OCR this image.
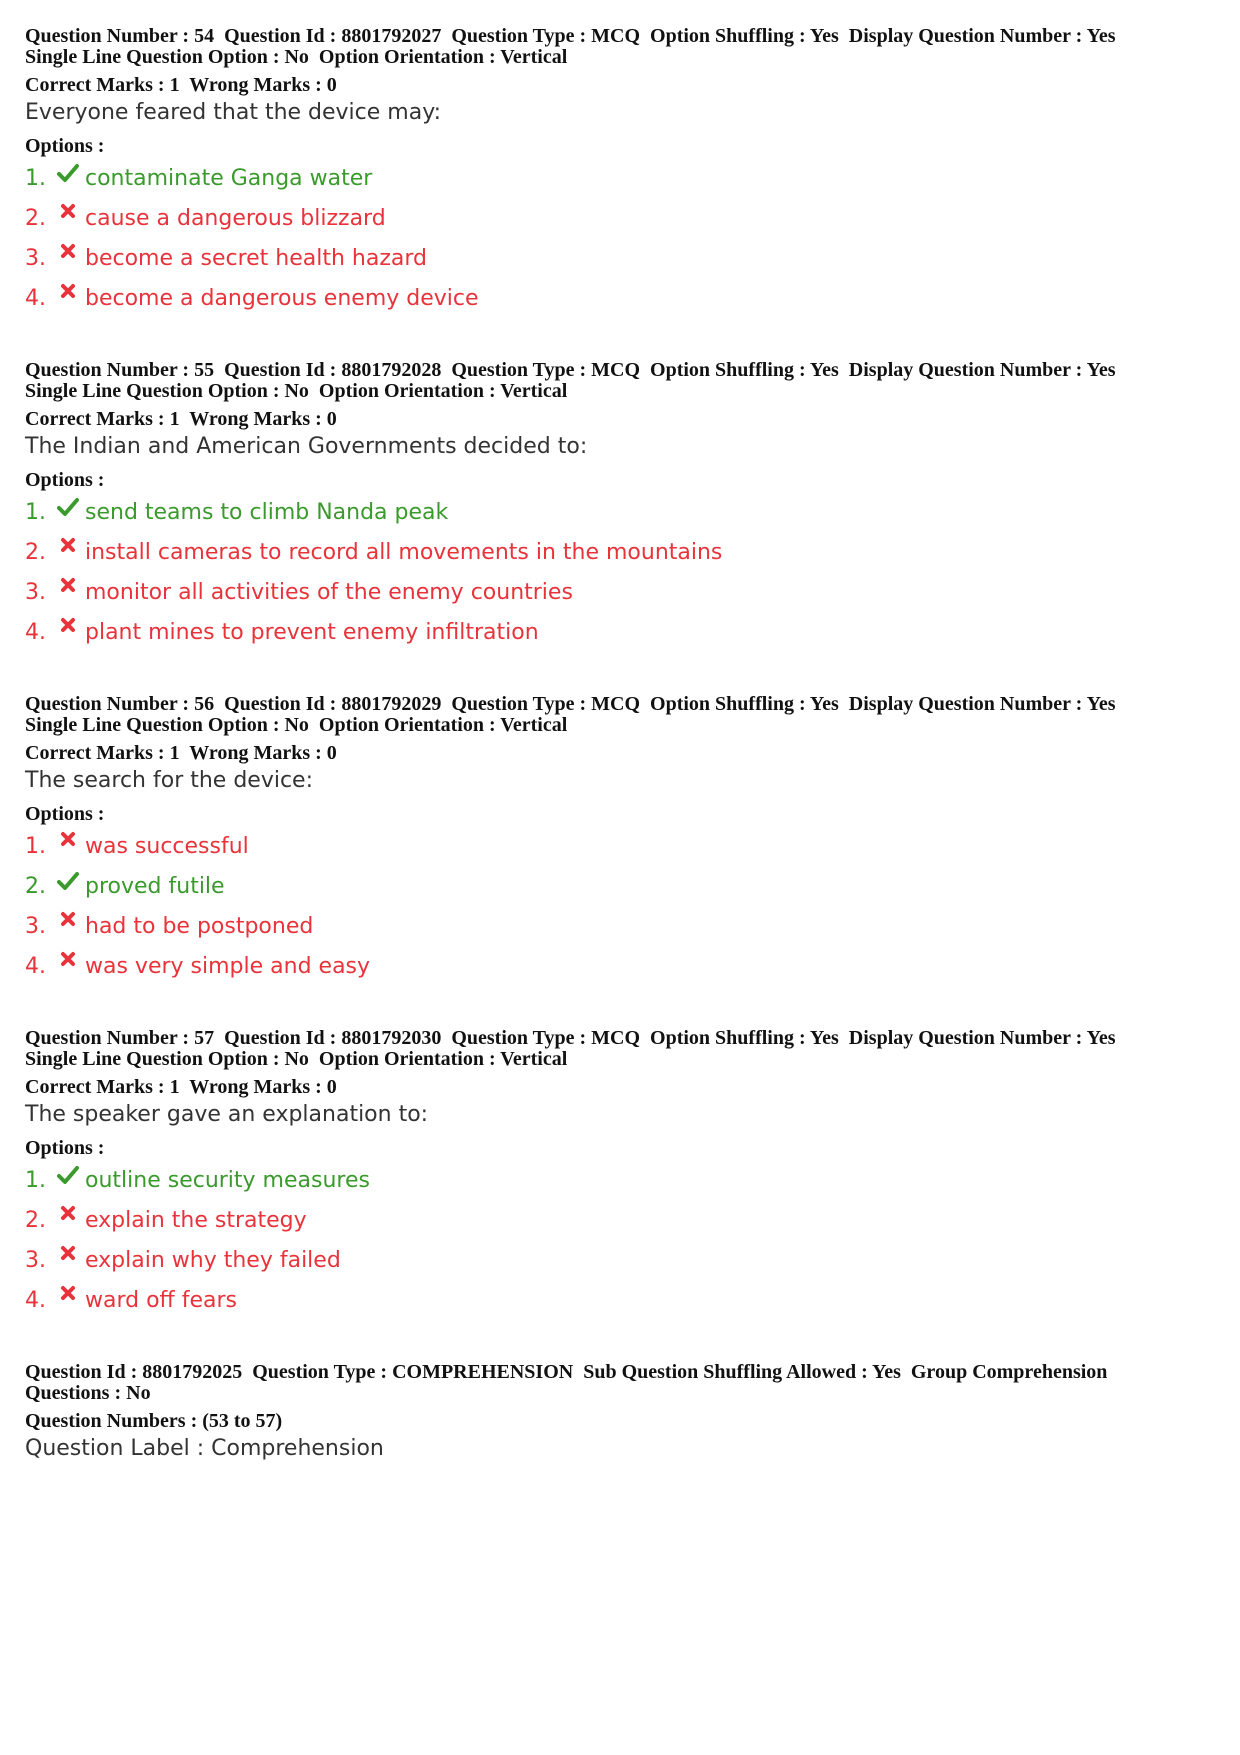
Question Number : 54  Question Id : 8801792027  Question Type : MCQ  Option Shuffling : Yes  Display Question Number : Yes
Single Line Question Option : No  Option Orientation : Vertical
Correct Marks : 1  Wrong Marks : 0
Everyone feared that the device may:
Options :
1.	contaminate Ganga water
2.	cause a dangerous blizzard
3.	become a secret health hazard
4.	become a dangerous enemy device
Question Number : 55  Question Id : 8801792028  Question Type : MCQ  Option Shuffling : Yes  Display Question Number : Yes
Single Line Question Option : No  Option Orientation : Vertical
Correct Marks : 1  Wrong Marks : 0
The Indian and American Governments decided to:
Options :
1.	send teams to climb Nanda peak
2.	install cameras to record all movements in the mountains
3.	monitor all activities of the enemy countries
4.	plant mines to prevent enemy infiltration
Question Number : 56  Question Id : 8801792029  Question Type : MCQ  Option Shuffling : Yes  Display Question Number : Yes
Single Line Question Option : No  Option Orientation : Vertical
Correct Marks : 1  Wrong Marks : 0
The search for the device:
Options :
1.	was successful
2.	proved futile
3.	had to be postponed
4.	was very simple and easy
Question Number : 57  Question Id : 8801792030  Question Type : MCQ  Option Shuffling : Yes  Display Question Number : Yes
Single Line Question Option : No  Option Orientation : Vertical
Correct Marks : 1  Wrong Marks : 0
The speaker gave an explanation to:
Options :
1.	outline security measures
2.	explain the strategy
3.	explain why they failed
4.	ward off fears
Question Id : 8801792025  Question Type : COMPREHENSION  Sub Question Shuffling Allowed : Yes  Group Comprehension
Questions : No
Question Numbers : (53 to 57)
Question Label : Comprehension
